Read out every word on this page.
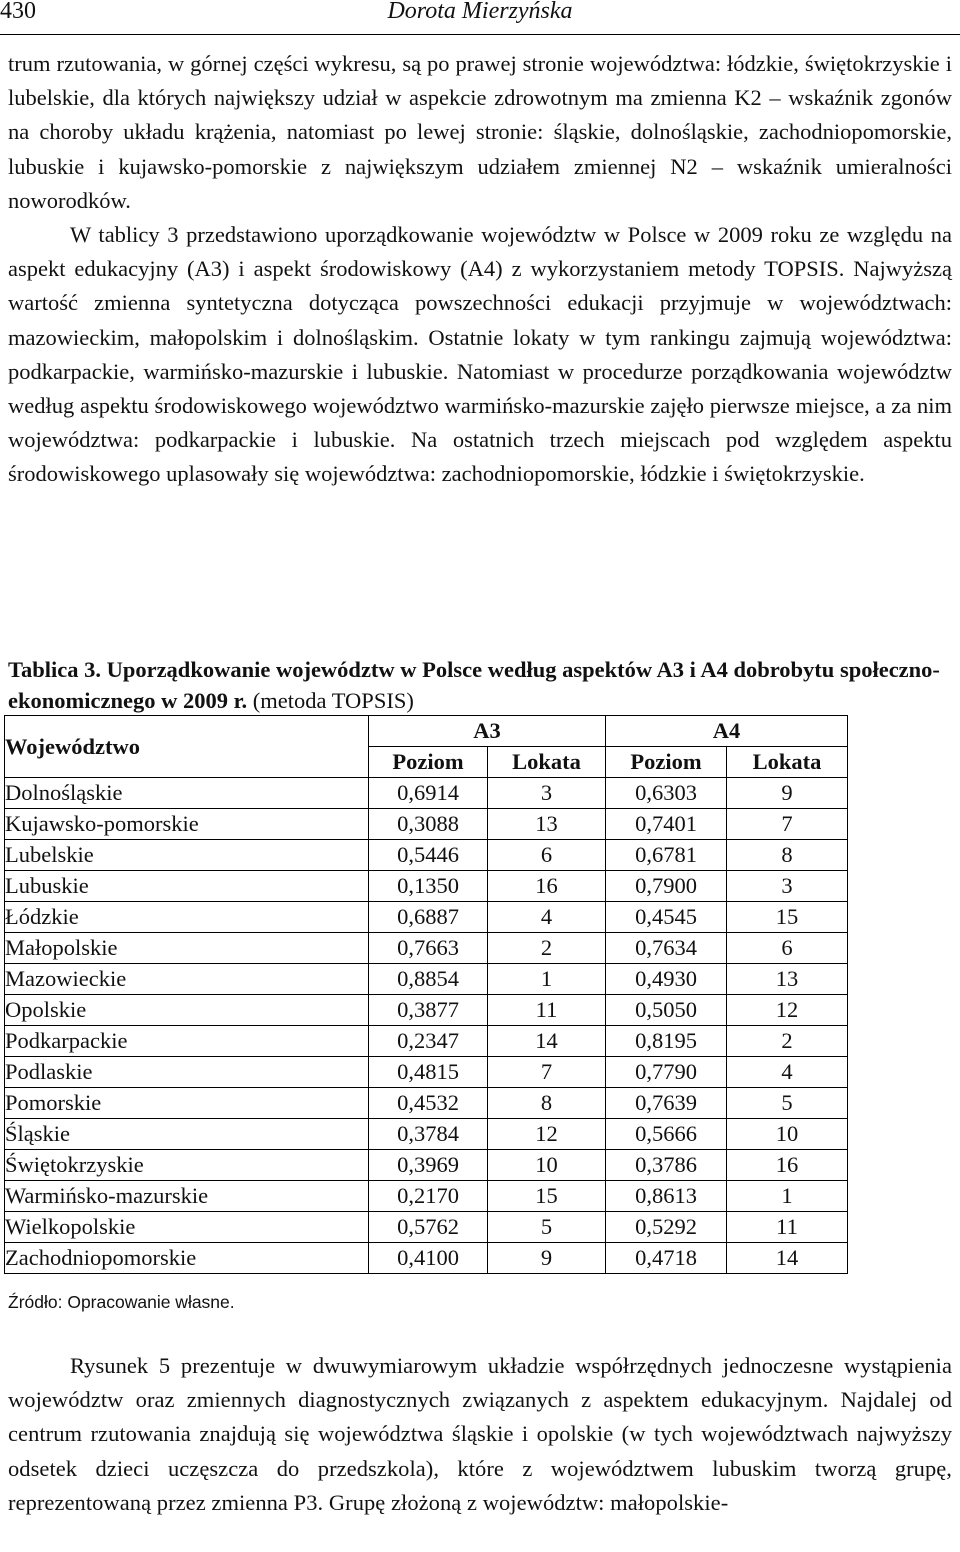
430	Dorota Mierzyńska

trum rzutowania, w górnej części wykresu, są po prawej stronie województwa: łódzkie, świętokrzyskie i lubelskie, dla których największy udział w aspekcie zdrowotnym ma zmienna K2 – wskaźnik zgonów na choroby układu krążenia, natomiast po lewej stronie: śląskie, dolnośląskie, zachodniopomorskie, lubuskie i kujawsko-pomorskie z największym udziałem zmiennej N2 – wskaźnik umieralności noworodków.
W tablicy 3 przedstawiono uporządkowanie województw w Polsce w 2009 roku ze względu na aspekt edukacyjny (A3) i aspekt środowiskowy (A4) z wykorzystaniem metody TOPSIS. Najwyższą wartość zmienna syntetyczna dotycząca powszechności edukacji przyjmuje w województwach: mazowieckim, małopolskim i dolnośląskim. Ostatnie lokaty w tym rankingu zajmują województwa: podkarpackie, warmińsko-mazurskie i lubuskie. Natomiast w procedurze porządkowania województw według aspektu środowiskowego województwo warmińsko-mazurskie zajęło pierwsze miejsce, a za nim województwa: podkarpackie i lubuskie. Na ostatnich trzech miejscach pod względem aspektu środowiskowego uplasowały się województwa: zachodniopomorskie, łódzkie i świętokrzyskie.

Tablica 3. Uporządkowanie województw w Polsce według aspektów A3 i A4 dobrobytu społeczno-ekonomicznego w 2009 r. (metoda TOPSIS)

Województwo	A3		A4	
	Poziom	Lokata	Poziom	Lokata
Dolnośląskie	0,6914	3	0,6303	9
Kujawsko-pomorskie	0,3088	13	0,7401	7
Lubelskie	0,5446	6	0,6781	8
Lubuskie	0,1350	16	0,7900	3
Łódzkie	0,6887	4	0,4545	15
Małopolskie	0,7663	2	0,7634	6
Mazowieckie	0,8854	1	0,4930	13
Opolskie	0,3877	11	0,5050	12
Podkarpackie	0,2347	14	0,8195	2
Podlaskie	0,4815	7	0,7790	4
Pomorskie	0,4532	8	0,7639	5
Śląskie	0,3784	12	0,5666	10
Świętokrzyskie	0,3969	10	0,3786	16
Warmińsko-mazurskie	0,2170	15	0,8613	1
Wielkopolskie	0,5762	5	0,5292	11
Zachodniopomorskie	0,4100	9	0,4718	14
Źródło: Opracowanie własne.

Rysunek 5 prezentuje w dwuwymiarowym układzie współrzędnych jednoczesne wystąpienia województw oraz zmiennych diagnostycznych związanych z aspektem edukacyjnym. Najdalej od centrum rzutowania znajdują się województwa śląskie i opolskie (w tych województwach najwyższy odsetek dzieci uczęszcza do przedszkola), które z województwem lubuskim tworzą grupę, reprezentowaną przez zmienna P3. Grupę złożoną z województw: małopolskie-
